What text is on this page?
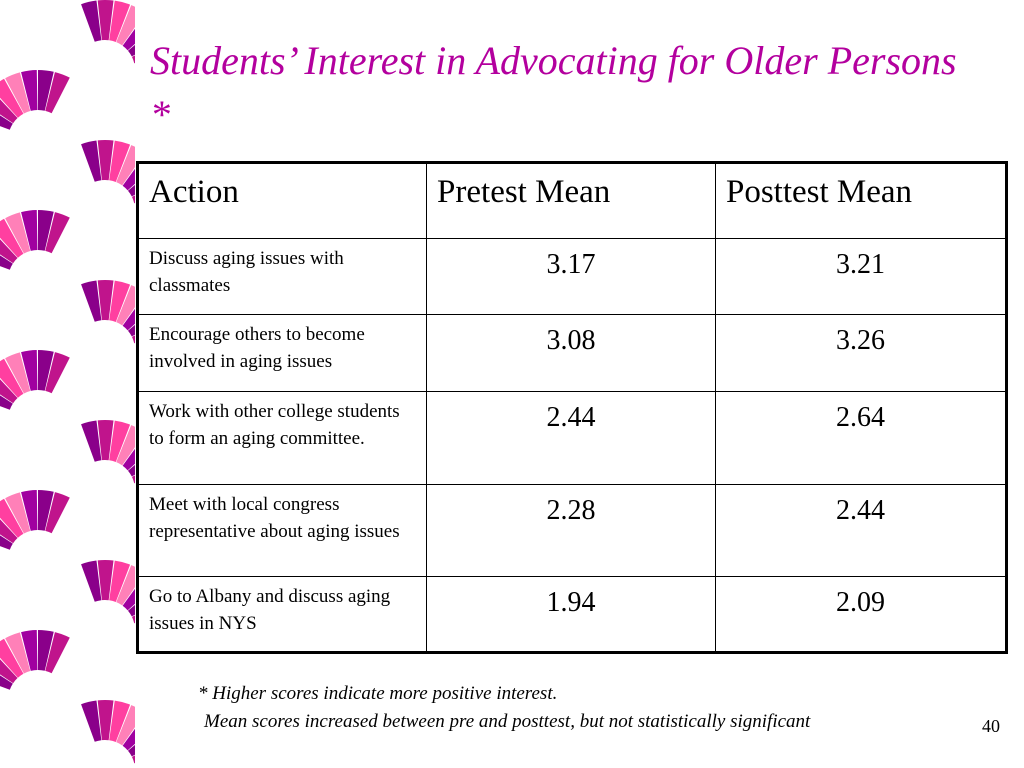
Students’ Interest in Advocating for Older Persons *
Action	Pretest Mean	Posttest Mean
Discuss aging issues with classmates	3.17	3.21
Encourage others to become involved in aging issues	3.08	3.26
Work with other college students to form an aging committee.	2.44	2.64
Meet with local congress representative about aging issues	2.28	2.44
Go to Albany and discuss aging issues in NYS	1.94	2.09
* Higher scores indicate more positive interest.
Mean scores increased between pre and posttest, but not statistically significant	40
